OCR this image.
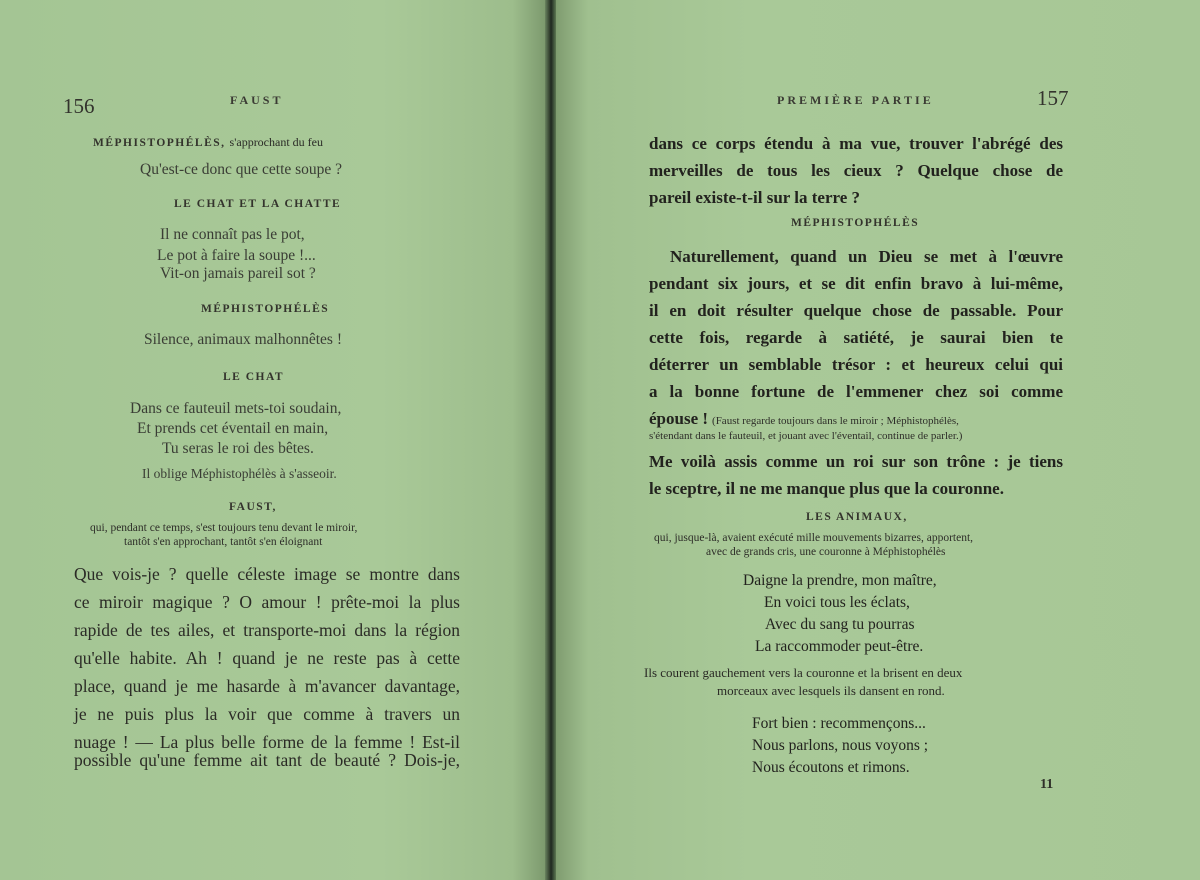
156	FAUST
MÉPHISTOPHÉLÈS, s'approchant du feu
Qu'est-ce donc que cette soupe ?
LE CHAT ET LA CHATTE
Il ne connaît pas le pot,
Le pot à faire la soupe !...
Vit-on jamais pareil sot ?
MÉPHISTOPHÉLÈS
Silence, animaux malhonnêtes !
LE CHAT
Dans ce fauteuil mets-toi soudain,
Et prends cet éventail en main,
Tu seras le roi des bêtes.
Il oblige Méphistophélès à s'asseoir.
FAUST,
qui, pendant ce temps, s'est toujours tenu devant le miroir,
tantôt s'en approchant, tantôt s'en éloignant
Que vois-je ? quelle céleste image se montre dans
ce miroir magique ? O amour ! prête-moi la plus
rapide de tes ailes, et transporte-moi dans la région
qu'elle habite. Ah ! quand je ne reste pas à cette
place, quand je me hasarde à m'avancer davantage,
je ne puis plus la voir que comme à travers un
nuage ! — La plus belle forme de la femme ! Est-il
possible qu'une femme ait tant de beauté ? Dois-je,
PREMIÈRE PARTIE	157
dans ce corps étendu à ma vue, trouver l'abrégé des
merveilles de tous les cieux ? Quelque chose de
pareil existe-t-il sur la terre ?
MÉPHISTOPHÉLÈS
Naturellement, quand un Dieu se met à l'œuvre
pendant six jours, et se dit enfin bravo à lui-même,
il en doit résulter quelque chose de passable. Pour
cette fois, regarde à satiété, je saurai bien te
déterrer un semblable trésor : et heureux celui qui
a la bonne fortune de l'emmener chez soi comme
épouse ! (Faust regarde toujours dans le miroir ; Méphistophélès,
s'étendant dans le fauteuil, et jouant avec l'éventail, continue de parler.)
Me voilà assis comme un roi sur son trône : je tiens
le sceptre, il ne me manque plus que la couronne.
LES ANIMAUX,
qui, jusque-là, avaient exécuté mille mouvements bizarres, apportent,
avec de grands cris, une couronne à Méphistophélès
Daigne la prendre, mon maître,
En voici tous les éclats,
Avec du sang tu pourras
La raccommoder peut-être.
Ils courent gauchement vers la couronne et la brisent en deux
morceaux avec lesquels ils dansent en rond.
Fort bien : recommençons...
Nous parlons, nous voyons ;
Nous écoutons et rimons.
11
